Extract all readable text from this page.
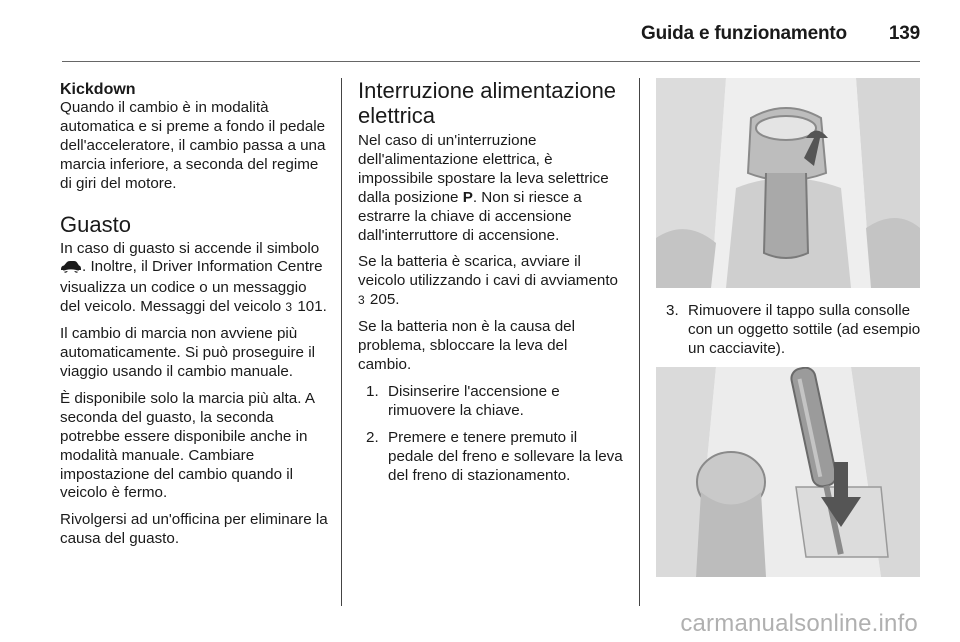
Guida e funzionamento 139
Kickdown

Quando il cambio è in modalità automatica e si preme a fondo il pedale dell'acceleratore, il cambio passa a una marcia inferiore, a seconda del regime di giri del motore.

Guasto

In caso di guasto si accende il simbolo . Inoltre, il Driver Information Centre visualizza un codice o un messaggio del veicolo. Messaggi del veicolo 3 101.

Il cambio di marcia non avviene più automaticamente. Si può proseguire il viaggio usando il cambio manuale.

È disponibile solo la marcia più alta. A seconda del guasto, la seconda potrebbe essere disponibile anche in modalità manuale. Cambiare impostazione del cambio quando il veicolo è fermo.

Rivolgersi ad un'officina per eliminare la causa del guasto.

Interruzione alimentazione elettrica

Nel caso di un'interruzione dell'alimentazione elettrica, è impossibile spostare la leva selettrice dalla posizione P. Non si riesce a estrarre la chiave di accensione dall'interruttore di accensione.

Se la batteria è scarica, avviare il veicolo utilizzando i cavi di avviamento 3 205.

Se la batteria non è la causa del problema, sbloccare la leva del cambio.

1. Disinserire l'accensione e rimuovere la chiave.
2. Premere e tenere premuto il pedale del freno e sollevare la leva del freno di stazionamento.
3. Rimuovere il tappo sulla consolle con un oggetto sottile (ad esempio un cacciavite).
carmanualsonline.info
